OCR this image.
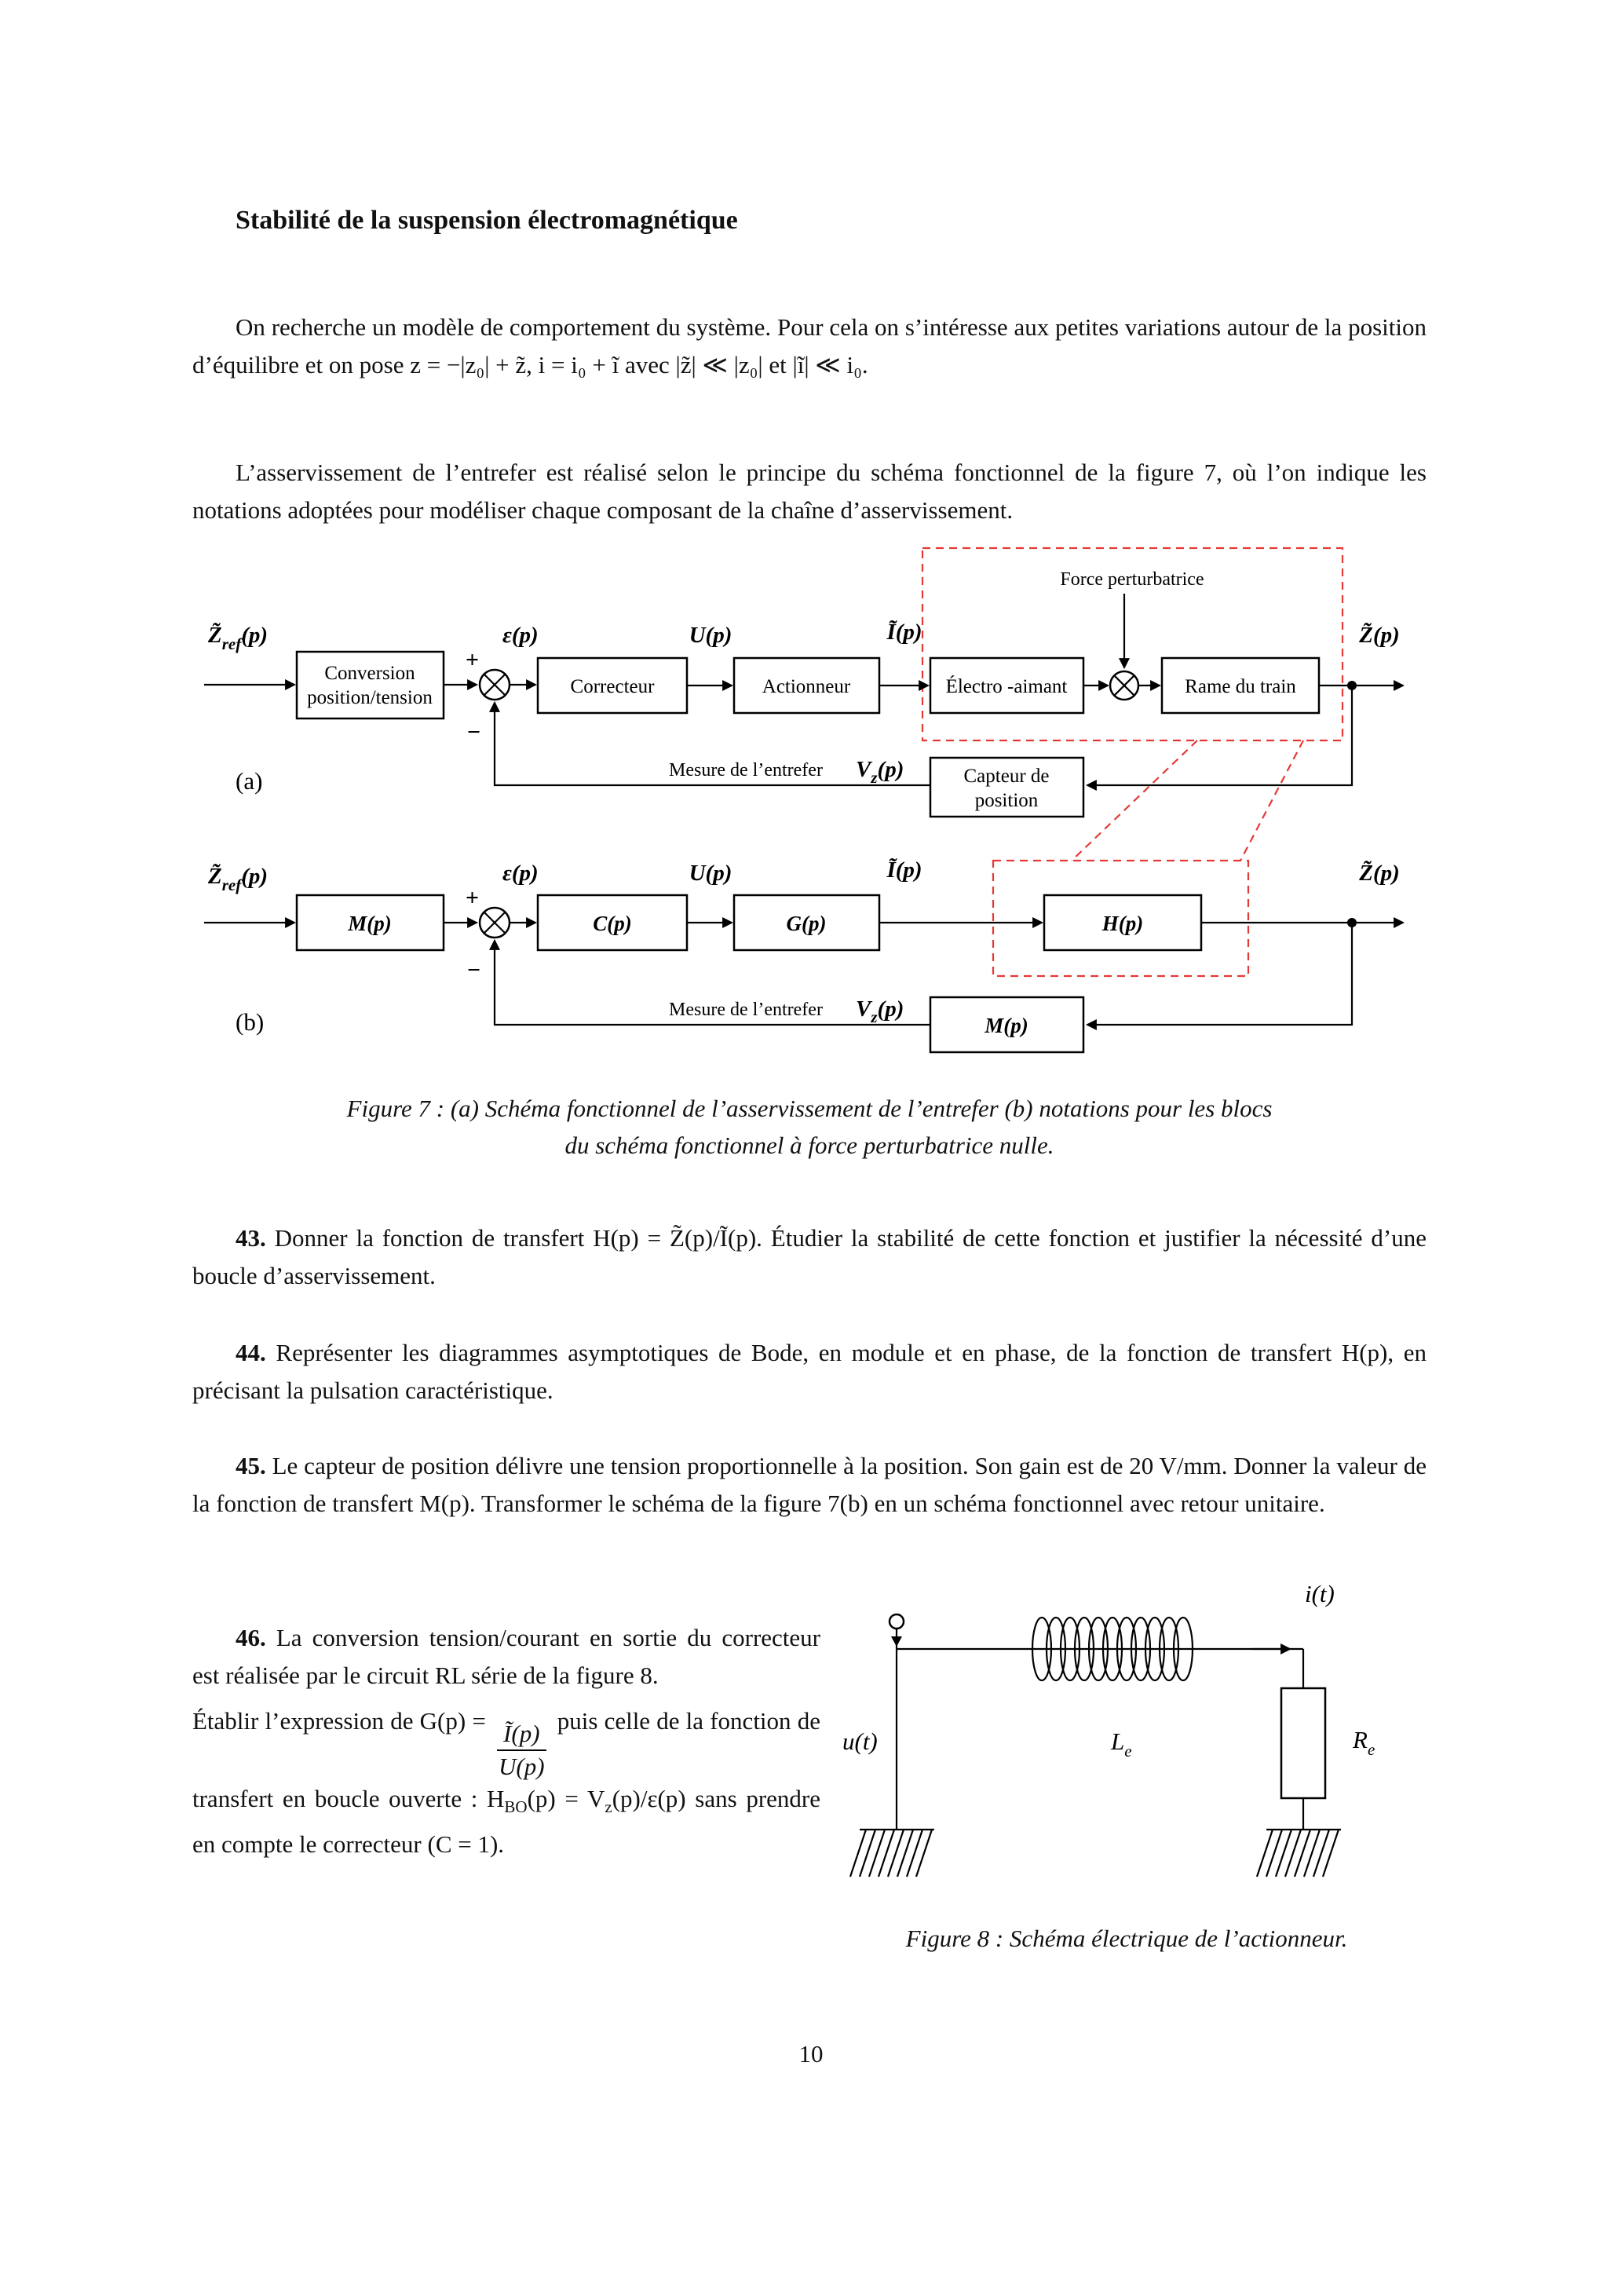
Stabilité de la suspension électromagnétique

On recherche un modèle de comportement du système. Pour cela on s’intéresse aux petites variations autour de la position d’équilibre et on pose z = −|z₀| + z̃, i = i₀ + ĩ avec |z̃| ≪ |z₀| et |ĩ| ≪ i₀.

L’asservissement de l’entrefer est réalisé selon le principe du schéma fonctionnel de la figure 7, où l’on indique les notations adoptées pour modéliser chaque composant de la chaîne d’asservissement.

$Z̃_{ref}(p)$
Conversion
position/tension
+
−
ε(p)
Correcteur
U(p)
Actionneur
Ĩ(p)
Électro -aimant
Force perturbatrice
Rame du train
Z̃(p)
Capteur de
position
Mesure de l’entrefer $V_z(p)$
(a)
$Z̃_{ref}(p)$
M(p)
+
−
ε(p)
C(p)
U(p)
G(p)
Ĩ(p)
H(p)
Z̃(p)
M(p)
Mesure de l’entrefer $V_z(p)$
(b)
Figure 7 : (a) Schéma fonctionnel de l’asservissement de l’entrefer (b) notations pour les blocs
du schéma fonctionnel à force perturbatrice nulle.

43. Donner la fonction de transfert H(p) = Z̃(p)/Ĩ(p). Étudier la stabilité de cette fonction et justifier la nécessité d’une boucle d’asservissement.

44. Représenter les diagrammes asymptotiques de Bode, en module et en phase, de la fonction de transfert H(p), en précisant la pulsation caractéristique.

45. Le capteur de position délivre une tension proportionnelle à la position. Son gain est de 20 V/mm. Donner la valeur de la fonction de transfert M(p). Transformer le schéma de la figure 7(b) en un schéma fonctionnel avec retour unitaire.

46. La conversion tension/courant en sortie du correcteur est réalisée par le circuit RL série de la figure 8.

Établir l’expression de $G(p) = \frac{Ĩ(p)}{U(p)}$ puis celle de la fonction de transfert en boucle ouverte : $H_{BO}(p) = V_z(p)/\varepsilon(p)$ sans prendre en compte le correcteur (C = 1).

i(t)
u(t)	$L_e$	$R_e$
Figure 8 : Schéma électrique de l’actionneur.
10
